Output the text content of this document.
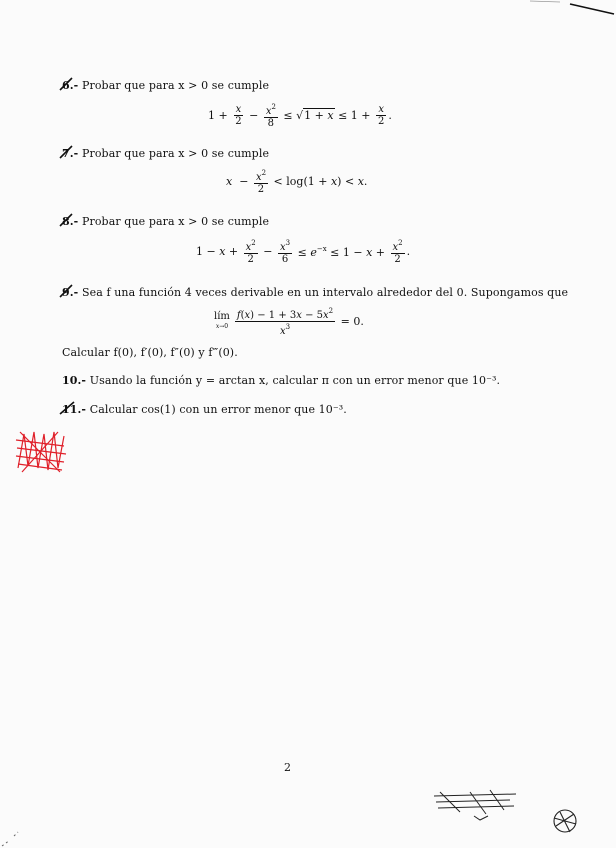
6.- Probar que para x > 0 se cumple
$1 + \frac{x}{2} - \frac{x^2}{8} \le √1 + x \le 1 + \frac{x}{2}$ .
7.- Probar que para x > 0 se cumple
$x - \frac{x^2}{2} < \log(1 + x) < x$.
8.- Probar que para x > 0 se cumple
$1 - x + \frac{x^2}{2} - \frac{x^3}{6} \le e^{-x} \le 1 - x + \frac{x^2}{2}$ .
9.- Sea f una función 4 veces derivable en un intervalo alrededor del 0. Supongamos que
lím
$x\to 0 \frac{f(x) - 1 + 3x - 5x^2}{x^3} = 0$.
Calcular f(0), f′(0), f″(0) y f‴(0).
10.- Usando la función y = arctan x, calcular π con un error menor que 10⁻³.
11.- Calcular cos(1) con un error menor que 10⁻³.
2
